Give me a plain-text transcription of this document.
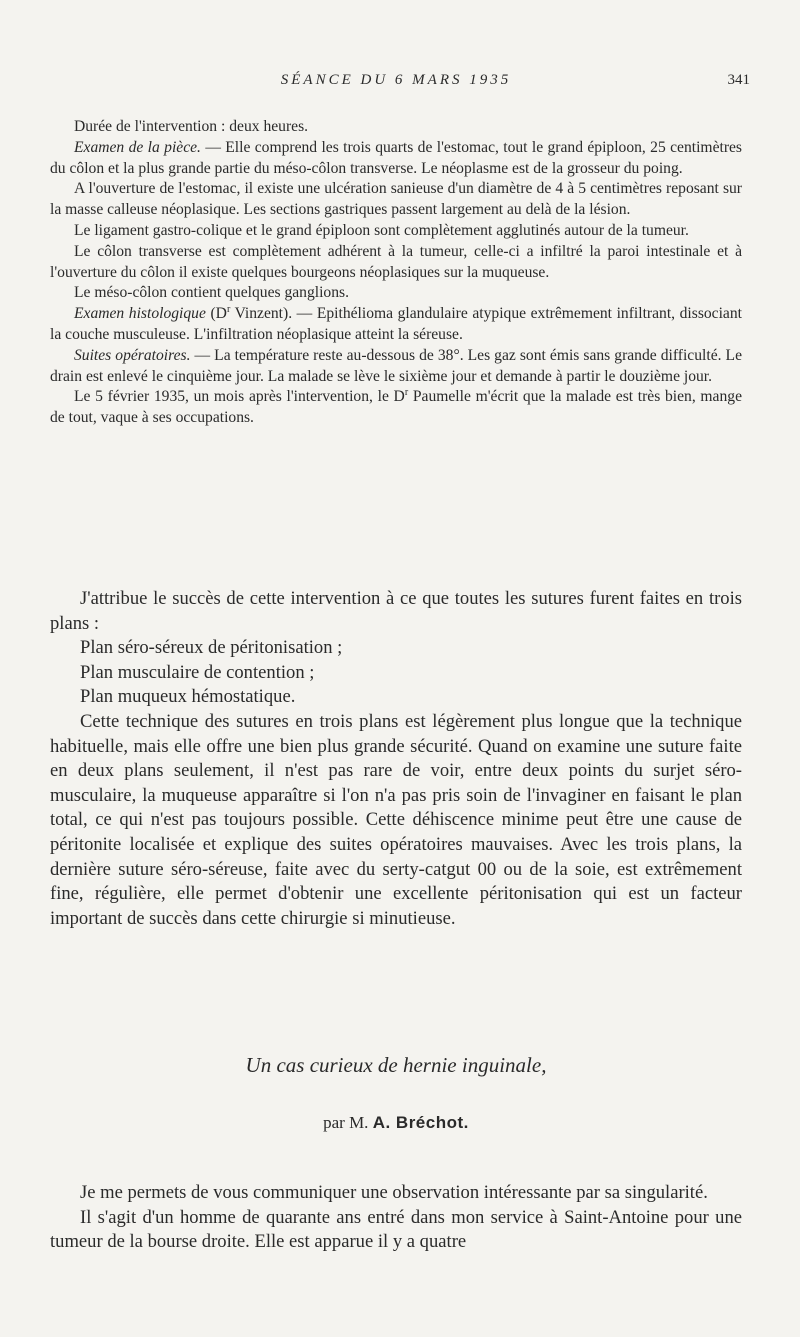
SÉANCE DU 6 MARS 1935	341

Durée de l'intervention : deux heures.

Examen de la pièce. — Elle comprend les trois quarts de l'estomac, tout le grand épiploon, 25 centimètres du côlon et la plus grande partie du méso-côlon transverse. Le néoplasme est de la grosseur du poing.

A l'ouverture de l'estomac, il existe une ulcération sanieuse d'un diamètre de 4 à 5 centimètres reposant sur la masse calleuse néoplasique. Les sections gastriques passent largement au delà de la lésion.

Le ligament gastro-colique et le grand épiploon sont complètement agglutinés autour de la tumeur.

Le côlon transverse est complètement adhérent à la tumeur, celle-ci a infiltré la paroi intestinale et à l'ouverture du côlon il existe quelques bourgeons néoplasiques sur la muqueuse.

Le méso-côlon contient quelques ganglions.

Examen histologique ($D^r$ Vinzent). — Epithélioma glandulaire atypique extrêmement infiltrant, dissociant la couche musculeuse. L'infiltration néoplasique atteint la séreuse.

Suites opératoires. — La température reste au-dessous de 38°. Les gaz sont émis sans grande difficulté. Le drain est enlevé le cinquième jour. La malade se lève le sixième jour et demande à partir le douzième jour.

Le 5 février 1935, un mois après l'intervention, le $D^r$ Paumelle m'écrit que la malade est très bien, mange de tout, vaque à ses occupations.

J'attribue le succès de cette intervention à ce que toutes les sutures furent faites en trois plans :

Plan séro-séreux de péritonisation ;

Plan musculaire de contention ;

Plan muqueux hémostatique.

Cette technique des sutures en trois plans est légèrement plus longue que la technique habituelle, mais elle offre une bien plus grande sécurité. Quand on examine une suture faite en deux plans seulement, il n'est pas rare de voir, entre deux points du surjet séro-musculaire, la muqueuse apparaître si l'on n'a pas pris soin de l'invaginer en faisant le plan total, ce qui n'est pas toujours possible. Cette déhiscence minime peut être une cause de péritonite localisée et explique des suites opératoires mauvaises. Avec les trois plans, la dernière suture séro-séreuse, faite avec du serty-catgut 00 ou de la soie, est extrêmement fine, régulière, elle permet d'obtenir une excellente péritonisation qui est un facteur important de succès dans cette chirurgie si minutieuse.

Un cas curieux de hernie inguinale,
par M. A. Bréchot.

Je me permets de vous communiquer une observation intéressante par sa singularité.

Il s'agit d'un homme de quarante ans entré dans mon service à Saint-Antoine pour une tumeur de la bourse droite. Elle est apparue il y a quatre
